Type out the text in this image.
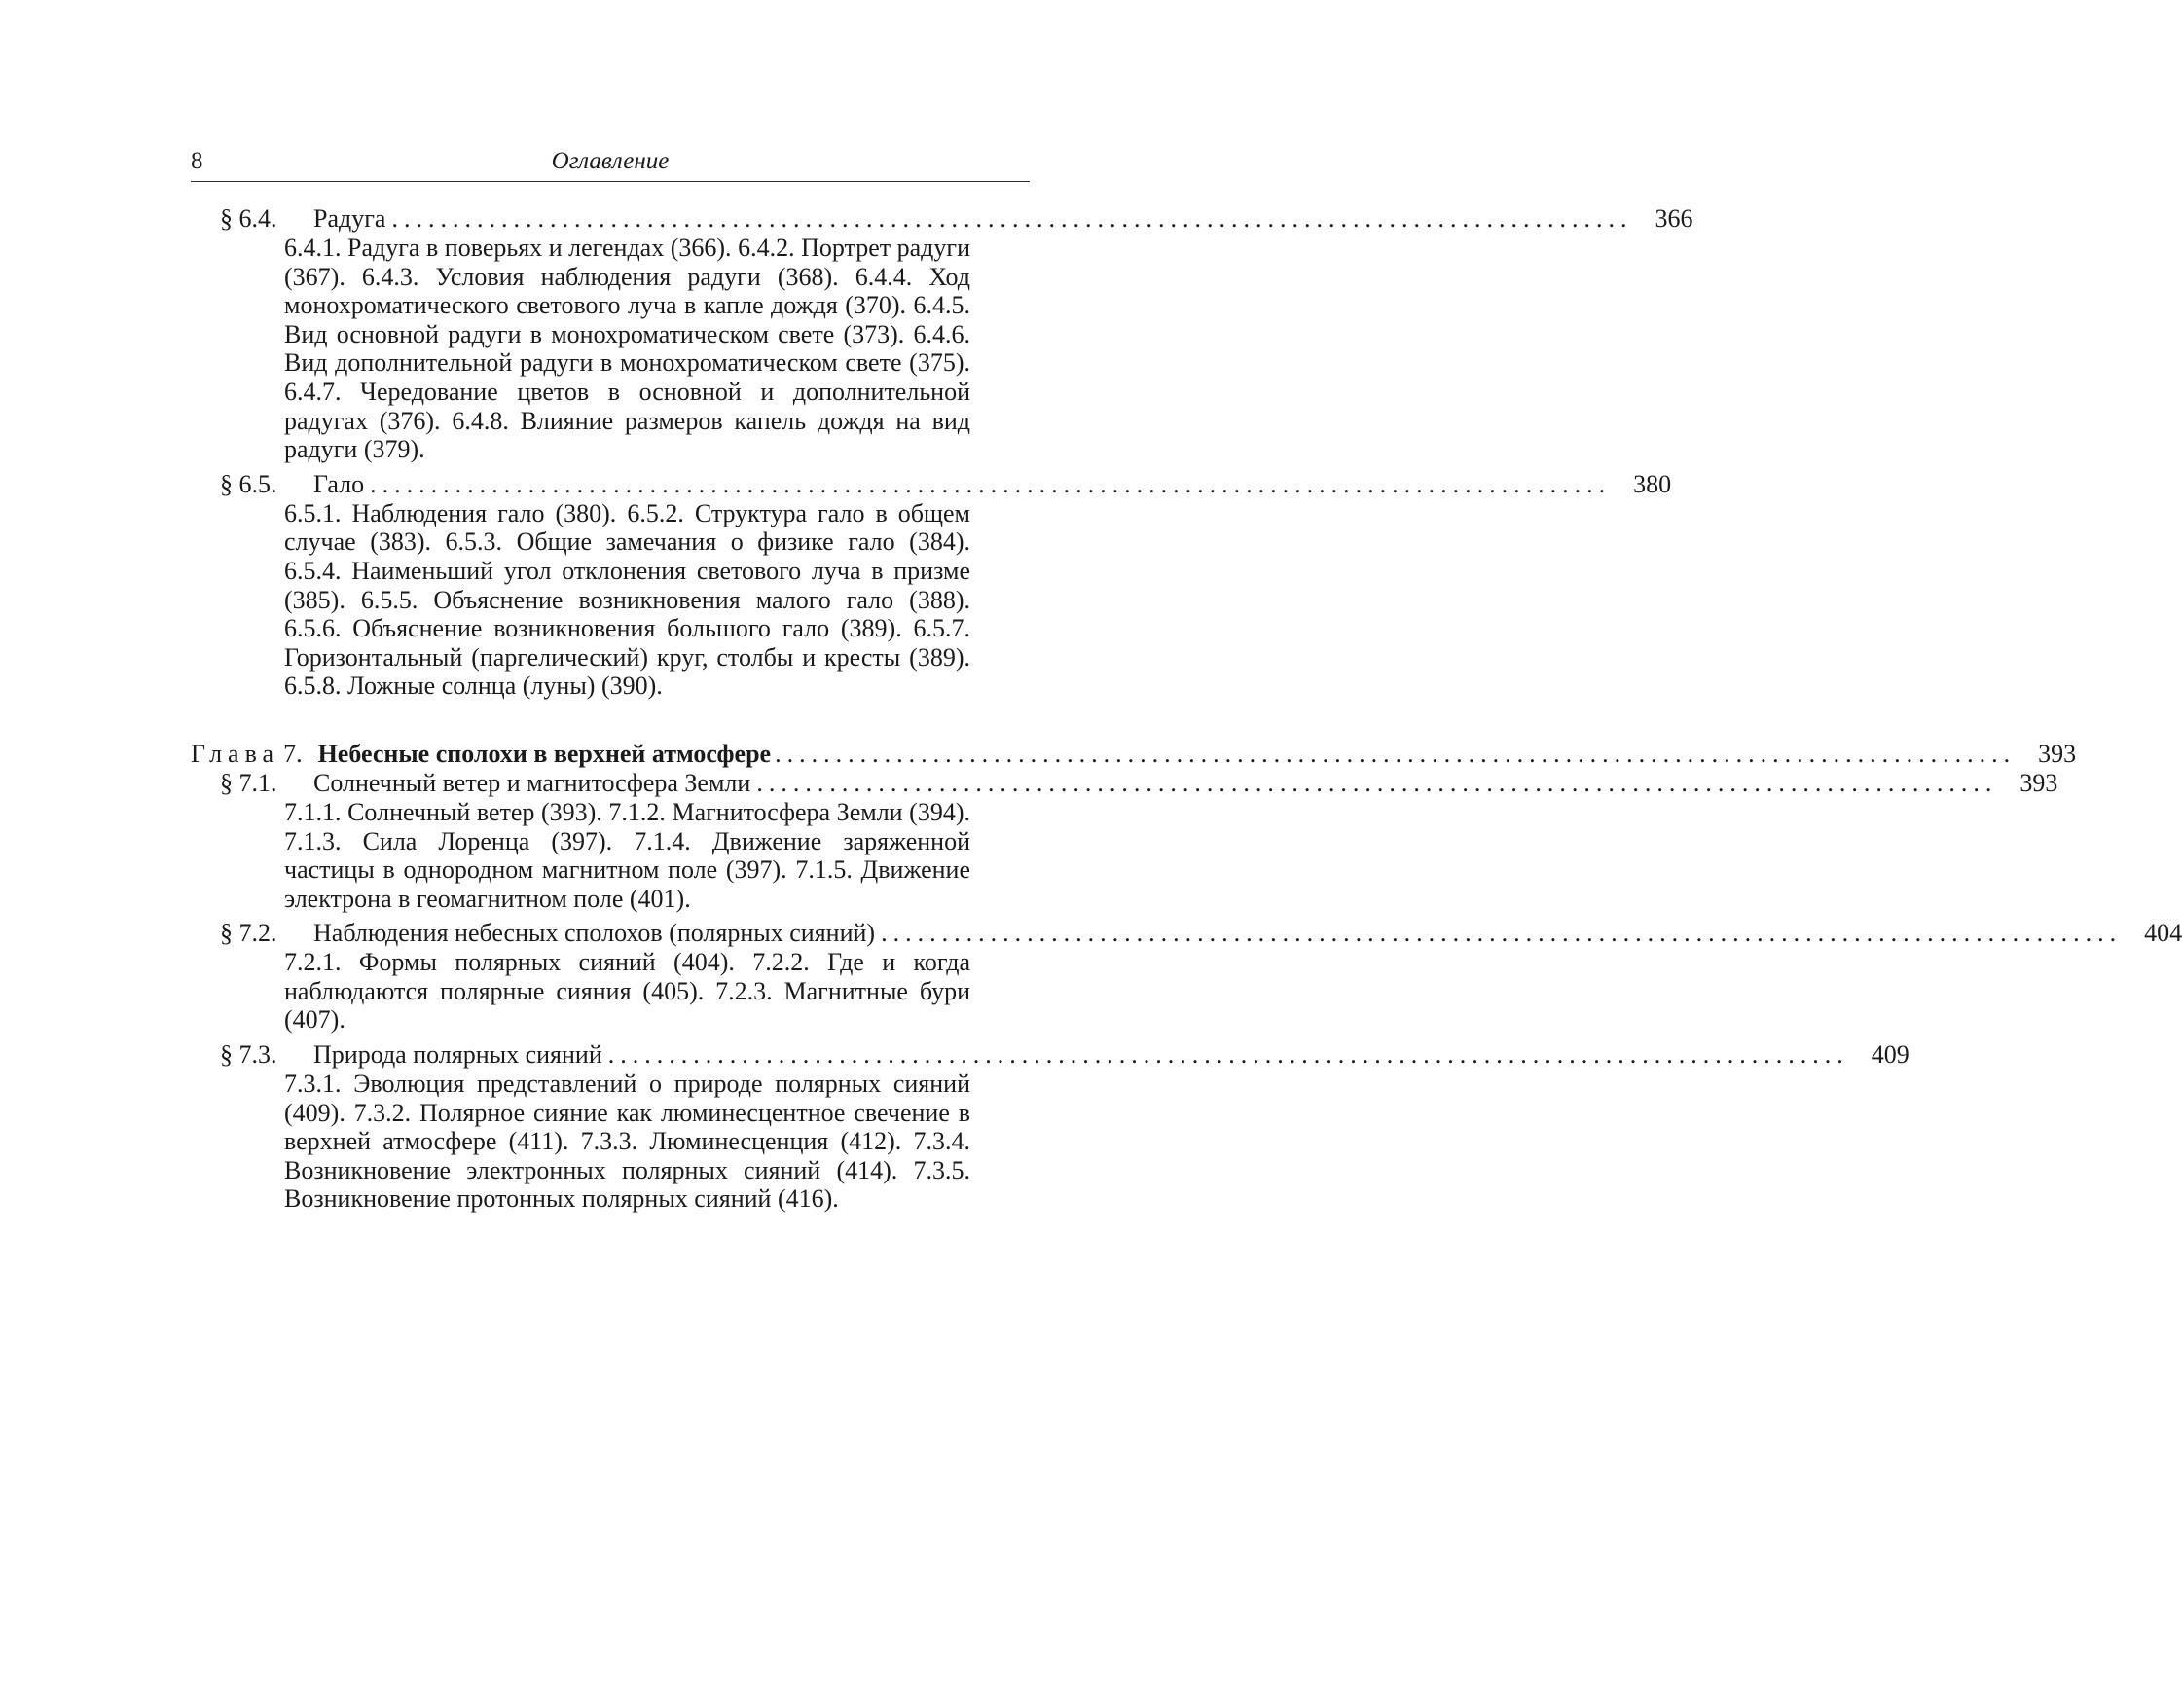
8	Оглавление
§ 6.4.	Радуга ...................................................................................................... 366
6.4.1. Радуга в поверьях и легендах (366). 6.4.2. Портрет радуги (367). 6.4.3. Условия наблюдения радуги (368). 6.4.4. Ход монохроматического светового луча в капле дождя (370). 6.4.5. Вид основной радуги в монохроматическом свете (373). 6.4.6. Вид дополнительной радуги в монохроматическом свете (375). 6.4.7. Чередование цветов в основной и дополнительной радугах (376). 6.4.8. Влияние размеров капель дождя на вид радуги (379).
§ 6.5.	Гало ...................................................................................................... 380
6.5.1. Наблюдения гало (380). 6.5.2. Структура гало в общем случае (383). 6.5.3. Общие замечания о физике гало (384). 6.5.4. Наименьший угол отклонения светового луча в призме (385). 6.5.5. Объяснение возникновения малого гало (388). 6.5.6. Объяснение возникновения большого гало (389). 6.5.7. Горизонтальный (паргелический) круг, столбы и кресты (389). 6.5.8. Ложные солнца (луны) (390).
Глава 7. Небесные сполохи в верхней атмосфере ...................................................................................................... 393
§ 7.1.	Солнечный ветер и магнитосфера Земли ...................................................................................................... 393
7.1.1. Солнечный ветер (393). 7.1.2. Магнитосфера Земли (394). 7.1.3. Сила Лоренца (397). 7.1.4. Движение заряженной частицы в однородном магнитном поле (397). 7.1.5. Движение электрона в геомагнитном поле (401).
§ 7.2.	Наблюдения небесных сполохов (полярных сияний) ...................................................................................................... 404
7.2.1. Формы полярных сияний (404). 7.2.2. Где и когда наблюдаются полярные сияния (405). 7.2.3. Магнитные бури (407).
§ 7.3.	Природа полярных сияний ...................................................................................................... 409
7.3.1. Эволюция представлений о природе полярных сияний (409). 7.3.2. Полярное сияние как люминесцентное свечение в верхней атмосфере (411). 7.3.3. Люминесценция (412). 7.3.4. Возникновение электронных полярных сияний (414). 7.3.5. Возникновение протонных полярных сияний (416).
